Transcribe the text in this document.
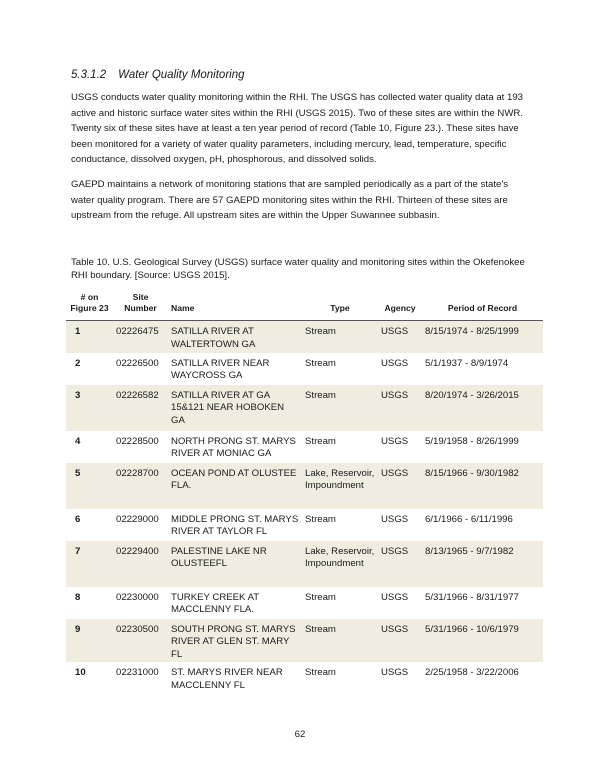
5.3.1.2 Water Quality Monitoring

USGS conducts water quality monitoring within the RHI. The USGS has collected water quality data at 193 active and historic surface water sites within the RHI (USGS 2015). Two of these sites are within the NWR. Twenty six of these sites have at least a ten year period of record (Table 10, Figure 23.). These sites have been monitored for a variety of water quality parameters, including mercury, lead, temperature, specific conductance, dissolved oxygen, pH, phosphorous, and dissolved solids.

GAEPD maintains a network of monitoring stations that are sampled periodically as a part of the state’s water quality program. There are 57 GAEPD monitoring sites within the RHI. Thirteen of these sites are upstream from the refuge. All upstream sites are within the Upper Suwannee subbasin.

Table 10. U.S. Geological Survey (USGS) surface water quality and monitoring sites within the Okefenokee RHI boundary. [Source: USGS 2015].

# on Figure 23	Site Number	Name	Type	Agency	Period of Record
1	02226475	SATILLA RIVER AT WALTERTOWN GA	Stream	USGS	8/15/1974 - 8/25/1999
2	02226500	SATILLA RIVER NEAR WAYCROSS GA	Stream	USGS	5/1/1937 - 8/9/1974
3	02226582	SATILLA RIVER AT GA 15&121 NEAR HOBOKEN GA	Stream	USGS	8/20/1974 - 3/26/2015
4	02228500	NORTH PRONG ST. MARYS RIVER AT MONIAC GA	Stream	USGS	5/19/1958 - 8/26/1999
5	02228700	OCEAN POND AT OLUSTEE FLA.	Lake, Reservoir, Impoundment	USGS	8/15/1966 - 9/30/1982
6	02229000	MIDDLE PRONG ST. MARYS RIVER AT TAYLOR FL	Stream	USGS	6/1/1966 - 6/11/1996
7	02229400	PALESTINE LAKE NR OLUSTEEFL	Lake, Reservoir, Impoundment	USGS	8/13/1965 - 9/7/1982
8	02230000	TURKEY CREEK AT MACCLENNY FLA.	Stream	USGS	5/31/1966 - 8/31/1977
9	02230500	SOUTH PRONG ST. MARYS RIVER AT GLEN ST. MARY FL	Stream	USGS	5/31/1966 - 10/6/1979
10	02231000	ST. MARYS RIVER NEAR MACCLENNY FL	Stream	USGS	2/25/1958 - 3/22/2006
62
